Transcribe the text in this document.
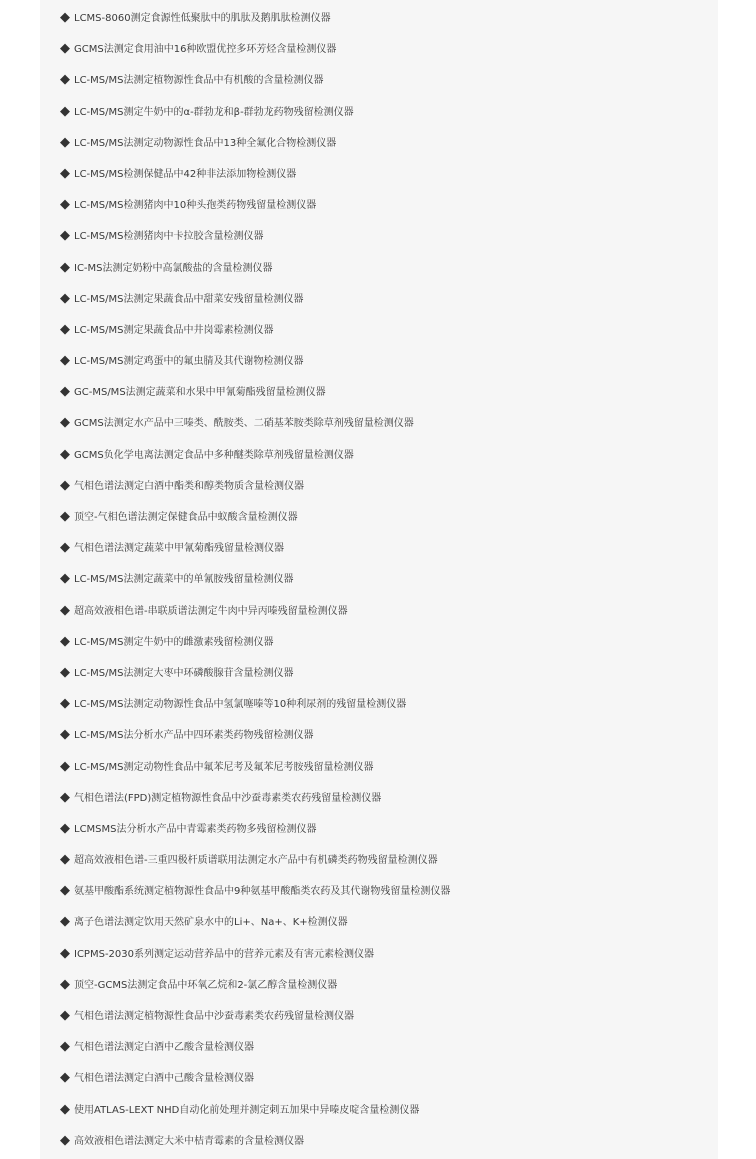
◆ LCMS-8060测定食源性低聚肽中的肌肽及鹅肌肽检测仪器
◆ GCMS法测定食用油中16种欧盟优控多环芳烃含量检测仪器
◆ LC-MS/MS法测定植物源性食品中有机酸的含量检测仪器
◆ LC-MS/MS测定牛奶中的α-群勃龙和β-群勃龙药物残留检测仪器
◆ LC-MS/MS法测定动物源性食品中13种全氟化合物检测仪器
◆ LC-MS/MS检测保健品中42种非法添加物检测仪器
◆ LC-MS/MS检测猪肉中10种头孢类药物残留量检测仪器
◆ LC-MS/MS检测猪肉中卡拉胶含量检测仪器
◆ IC-MS法测定奶粉中高氯酸盐的含量检测仪器
◆ LC-MS/MS法测定果蔬食品中甜菜安残留量检测仪器
◆ LC-MS/MS测定果蔬食品中井岗霉素检测仪器
◆ LC-MS/MS测定鸡蛋中的氟虫腈及其代谢物检测仪器
◆ GC-MS/MS法测定蔬菜和水果中甲氰菊酯残留量检测仪器
◆ GCMS法测定水产品中三嗪类、酰胺类、二硝基苯胺类除草剂残留量检测仪器
◆ GCMS负化学电离法测定食品中多种醚类除草剂残留量检测仪器
◆ 气相色谱法测定白酒中酯类和醇类物质含量检测仪器
◆ 顶空-气相色谱法测定保健食品中蚁酸含量检测仪器
◆ 气相色谱法测定蔬菜中甲氰菊酯残留量检测仪器
◆ LC-MS/MS法测定蔬菜中的单氰胺残留量检测仪器
◆ 超高效液相色谱-串联质谱法测定牛肉中异丙嗪残留量检测仪器
◆ LC-MS/MS测定牛奶中的雌激素残留检测仪器
◆ LC-MS/MS法测定大枣中环磷酸腺苷含量检测仪器
◆ LC-MS/MS法测定动物源性食品中氢氯噻嗪等10种利尿剂的残留量检测仪器
◆ LC-MS/MS法分析水产品中四环素类药物残留检测仪器
◆ LC-MS/MS测定动物性食品中氟苯尼考及氟苯尼考胺残留量检测仪器
◆ 气相色谱法(FPD)测定植物源性食品中沙蚕毒素类农药残留量检测仪器
◆ LCMSMS法分析水产品中青霉素类药物多残留检测仪器
◆ 超高效液相色谱-三重四极杆质谱联用法测定水产品中有机磷类药物残留量检测仪器
◆ 氨基甲酸酯系统测定植物源性食品中9种氨基甲酸酯类农药及其代谢物残留量检测仪器
◆ 离子色谱法测定饮用天然矿泉水中的Li+、Na+、K+检测仪器
◆ ICPMS-2030系列测定运动营养品中的营养元素及有害元素检测仪器
◆ 顶空-GCMS法测定食品中环氧乙烷和2-氯乙醇含量检测仪器
◆ 气相色谱法测定植物源性食品中沙蚕毒素类农药残留量检测仪器
◆ 气相色谱法测定白酒中乙酸含量检测仪器
◆ 气相色谱法测定白酒中己酸含量检测仪器
◆ 使用ATLAS-LEXT NHD自动化前处理并测定刺五加果中异嗪皮啶含量检测仪器
◆ 高效液相色谱法测定大米中桔青霉素的含量检测仪器
